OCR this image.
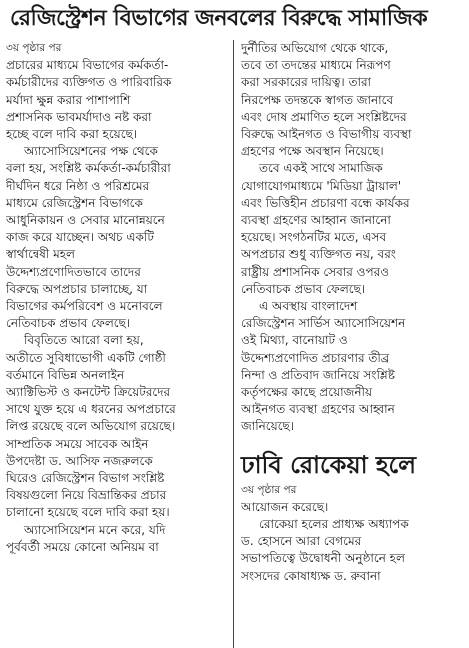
রেজিস্ট্রেশন বিভাগের জনবলের বিরুদ্ধে সামাজিক
৩য় পৃষ্ঠার পর
প্রচারের মাধ্যমে বিভাগের কর্মকর্তা-
কর্মচারীদের ব্যক্তিগত ও পারিবারিক
মর্যাদা ক্ষুন্ন করার পাশাপাশি
প্রশাসনিক ভাবমর্যাদাও নষ্ট করা
হচ্ছে বলে দাবি করা হয়েছে।
অ্যাসোসিয়েশনের পক্ষ থেকে
বলা হয়, সংশ্লিষ্ট কর্মকর্তা-কর্মচারীরা
দীর্ঘদিন ধরে নিষ্ঠা ও পরিশ্রমের
মাধ্যমে রেজিস্ট্রেশন বিভাগকে
আধুনিকায়ন ও সেবার মানোন্নয়নে
কাজ করে যাচ্ছেন। অথচ একটি
স্বার্থান্বেষী মহল
উদ্দেশ্যপ্রণোদিতভাবে তাদের
বিরুদ্ধে অপপ্রচার চালাচ্ছে, যা
বিভাগের কর্মপরিবেশ ও মনোবলে
নেতিবাচক প্রভাব ফেলছে।
বিবৃতিতে আরো বলা হয়,
অতীতে সুবিধাভোগী একটি গোষ্ঠী
বর্তমানে বিভিন্ন অনলাইন
অ্যাক্টিভিস্ট ও কনটেন্ট ক্রিয়েটরদের
সাথে যুক্ত হয়ে এ ধরনের অপপ্রচারে
লিপ্ত রয়েছে বলে অভিযোগ রয়েছে।
সাম্প্রতিক সময়ে সাবেক আইন
উপদেষ্টা ড. আসিফ নজরুলকে
ঘিরেও রেজিস্ট্রেশন বিভাগ সংশ্লিষ্ট
বিষয়গুলো নিয়ে বিভ্রান্তিকর প্রচার
চালানো হয়েছে বলে দাবি করা হয়।
অ্যাসোসিয়েশন মনে করে, যদি
পূর্ববর্তী সময়ে কোনো অনিয়ম বা
দুর্নীতির অভিযোগ থেকে থাকে,
তবে তা তদন্তের মাধ্যমে নিরূপণ
করা সরকারের দায়িত্ব। তারা
নিরপেক্ষ তদন্তকে স্বাগত জানাবে
এবং দোষ প্রমাণিত হলে সংশ্লিষ্টদের
বিরুদ্ধে আইনগত ও বিভাগীয় ব্যবস্থা
গ্রহণের পক্ষে অবস্থান নিয়েছে।
তবে একই সাথে সামাজিক
যোগাযোগমাধ্যমে 'মিডিয়া ট্রায়াল'
এবং ভিত্তিহীন প্রচারণা বন্ধে কার্যকর
ব্যবস্থা গ্রহণের আহ্বান জানানো
হয়েছে। সংগঠনটির মতে, এসব
অপপ্রচার শুধু ব্যক্তিগত নয়, বরং
রাষ্ট্রীয় প্রশাসনিক সেবার ওপরও
নেতিবাচক প্রভাব ফেলছে।
এ অবস্থায় বাংলাদেশ
রেজিস্ট্রেশন সার্ভিস অ্যাসোসিয়েশন
ওই মিথ্যা, বানোয়াট ও
উদ্দেশ্যপ্রণোদিত প্রচারণার তীব্র
নিন্দা ও প্রতিবাদ জানিয়ে সংশ্লিষ্ট
কর্তৃপক্ষের কাছে প্রয়োজনীয়
আইনগত ব্যবস্থা গ্রহণের আহ্বান
জানিয়েছে।
ঢাবি রোকেয়া হলে
৩য় পৃষ্ঠার পর
আয়োজন করেছে।
রোকেয়া হলের প্রাধ্যক্ষ অধ্যাপক
ড. হোসনে আরা বেগমের
সভাপতিত্বে উদ্বোধনী অনুষ্ঠানে হল
সংসদের কোষাধ্যক্ষ ড. রুবানা
